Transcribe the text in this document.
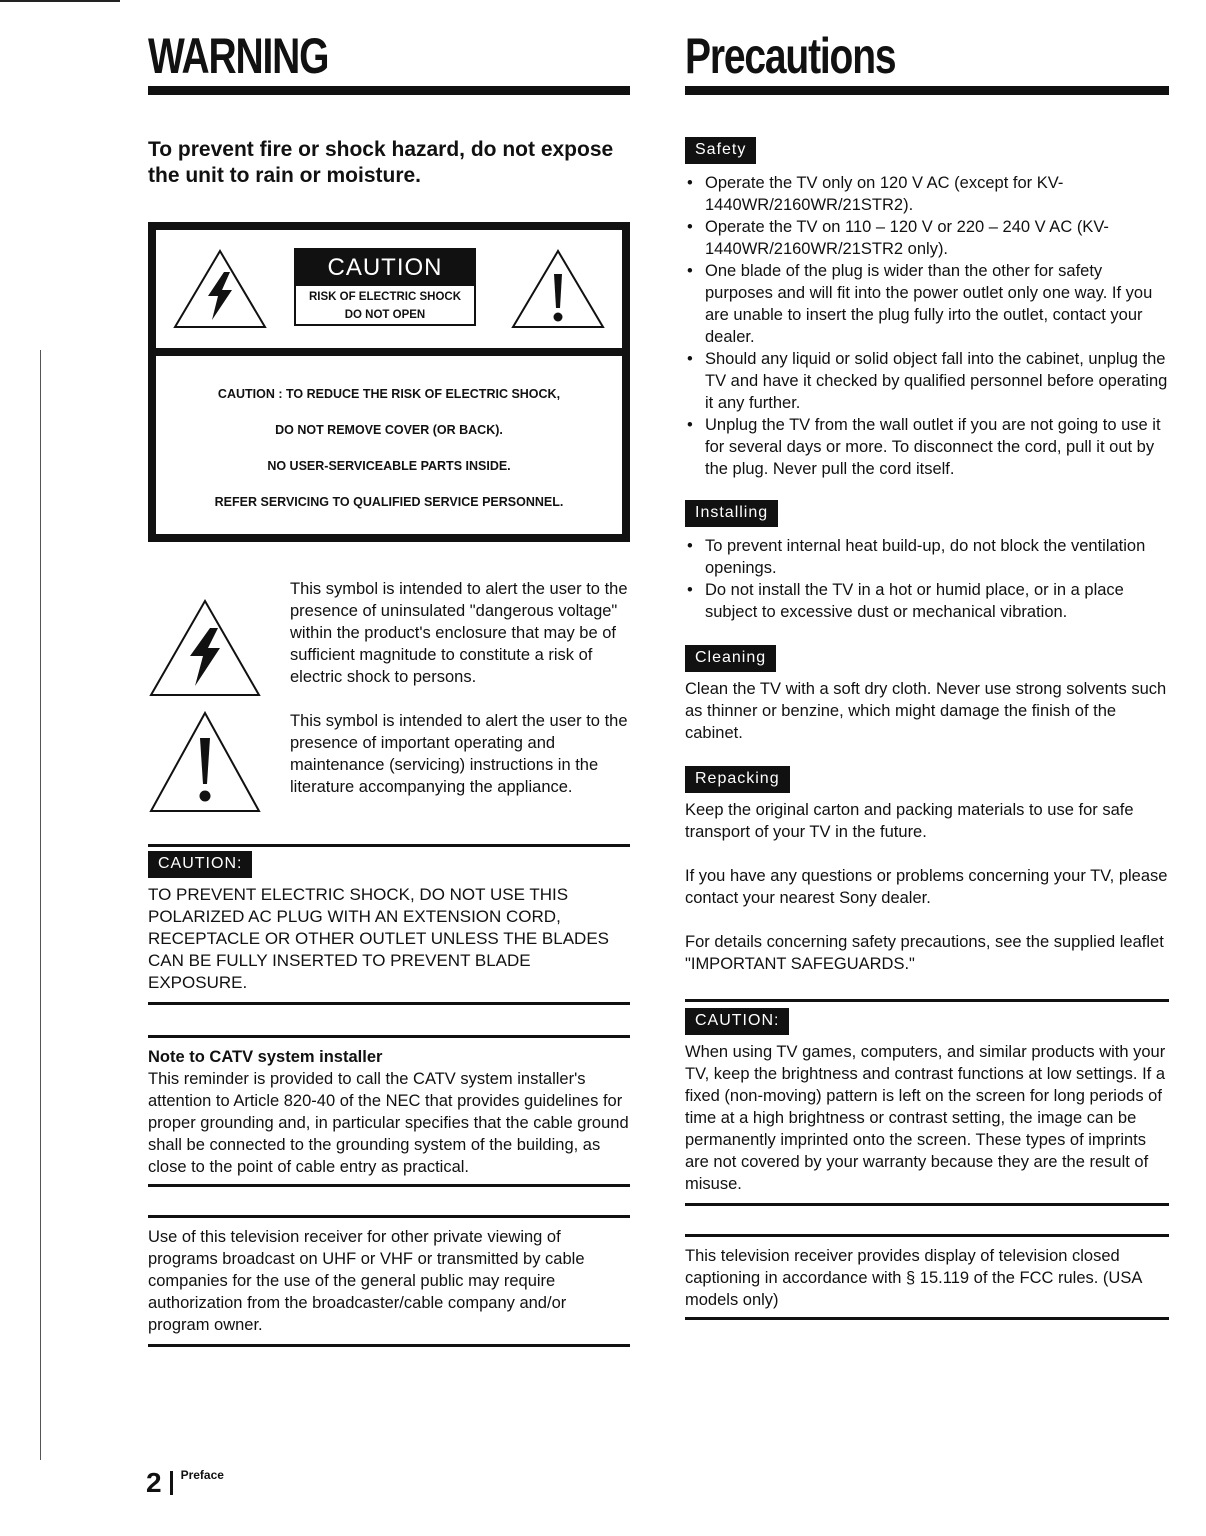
WARNING
To prevent fire or shock hazard, do not expose the unit to rain or moisture.
CAUTION
RISK OF ELECTRIC SHOCK
DO NOT OPEN
CAUTION : TO REDUCE THE RISK OF ELECTRIC SHOCK,
DO NOT REMOVE COVER (OR BACK).
NO USER-SERVICEABLE PARTS INSIDE.
REFER SERVICING TO QUALIFIED SERVICE PERSONNEL.
This symbol is intended to alert the user to the presence of uninsulated "dangerous voltage" within the product's enclosure that may be of sufficient magnitude to constitute a risk of electric shock to persons.
This symbol is intended to alert the user to the presence of important operating and maintenance (servicing) instructions in the literature accompanying the appliance.
CAUTION:
TO PREVENT ELECTRIC SHOCK, DO NOT USE THIS POLARIZED AC PLUG WITH AN EXTENSION CORD, RECEPTACLE OR OTHER OUTLET UNLESS THE BLADES CAN BE FULLY INSERTED TO PREVENT BLADE EXPOSURE.
Note to CATV system installer
This reminder is provided to call the CATV system installer's attention to Article 820-40 of the NEC that provides guidelines for proper grounding and, in particular specifies that the cable ground shall be connected to the grounding system of the building, as close to the point of cable entry as practical.
Use of this television receiver for other private viewing of programs broadcast on UHF or VHF or transmitted by cable companies for the use of the general public may require authorization from the broadcaster/cable company and/or program owner.
Precautions
Safety
• Operate the TV only on 120 V AC (except for KV-1440WR/2160WR/21STR2).
• Operate the TV on 110 – 120 V or 220 – 240 V AC (KV-1440WR/2160WR/21STR2 only).
• One blade of the plug is wider than the other for safety purposes and will fit into the power outlet only one way. If you are unable to insert the plug fully irto the outlet, contact your dealer.
• Should any liquid or solid object fall into the cabinet, unplug the TV and have it checked by qualified personnel before operating it any further.
• Unplug the TV from the wall outlet if you are not going to use it for several days or more. To disconnect the cord, pull it out by the plug. Never pull the cord itself.
Installing
• To prevent internal heat build-up, do not block the ventilation openings.
• Do not install the TV in a hot or humid place, or in a place subject to excessive dust or mechanical vibration.
Cleaning
Clean the TV with a soft dry cloth. Never use strong solvents such as thinner or benzine, which might damage the finish of the cabinet.
Repacking
Keep the original carton and packing materials to use for safe transport of your TV in the future.
If you have any questions or problems concerning your TV, please contact your nearest Sony dealer.
For details concerning safety precautions, see the supplied leaflet "IMPORTANT SAFEGUARDS."
CAUTION:
When using TV games, computers, and similar products with your TV, keep the brightness and contrast functions at low settings. If a fixed (non-moving) pattern is left on the screen for long periods of time at a high brightness or contrast setting, the image can be permanently imprinted onto the screen. These types of imprints are not covered by your warranty because they are the result of misuse.
This television receiver provides display of television closed captioning in accordance with § 15.119 of the FCC rules. (USA models only)
2 Preface
